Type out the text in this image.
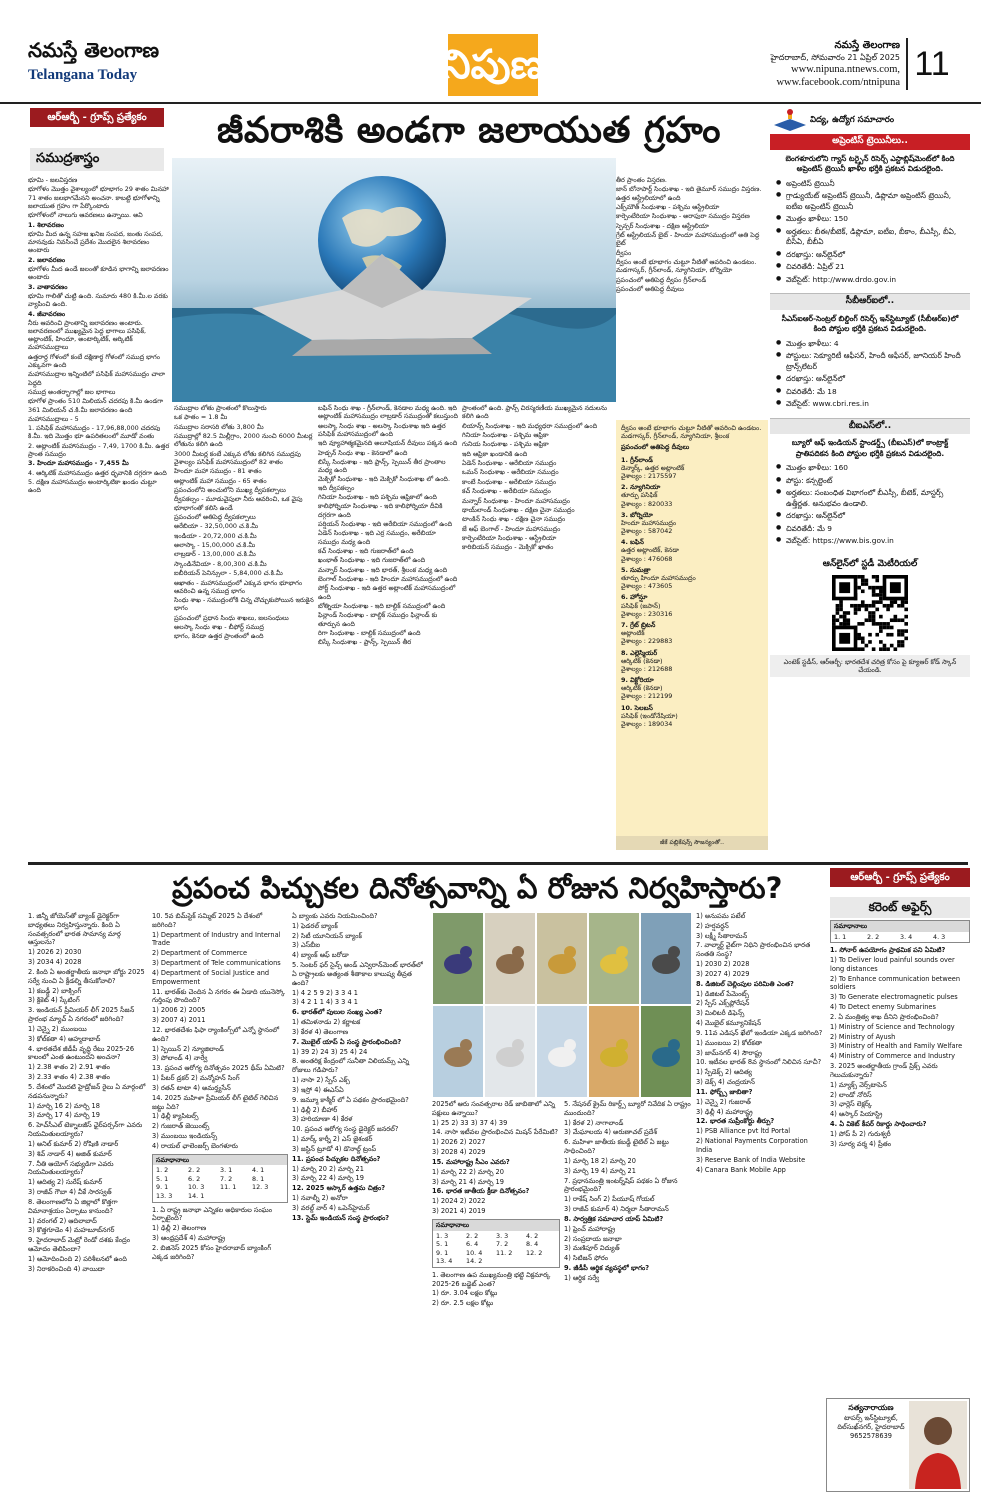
నమస్తే తెలంగాణ
Telangana Today	నిపుణ	నమస్తే తెలంగాణ
హైదరాబాద్, సోమవారం 21 ఏప్రిల్ 2025
www.nipuna.ntnews.com,
www.facebook.com/ntnipuna 11
ఆర్ఆర్బీ - గ్రూప్స్ ప్రత్యేకం
సముద్రశాస్త్రం
జీవరాశికి అండగా జలాయుత గ్రహం

భూమి - జలవిస్తరణ

భూగోళం మొత్తం వైశాల్యంలో భూభాగం 29 శాతం మినహా 71 శాతం జలభాగమేనని అంచనా. కాబట్టి భూగోళాన్ని జలాయుత గ్రహం గా పేర్కొంటారు

భూగోళంలో నాలుగు ఆవరణలు ఉన్నాయి. అవి

1. శిలావరణం

భూమి మీద ఉన్న సహజ ఖనిజ సంపద, జంతు సంపద, మానవుడు నివసించే ప్రదేశం మొదలైన శిలావరణం అంటారు

2. జలావరణం

భూగోళం మీద ఉండే జలంతో కూడిన భాగాన్ని జలావరణం అంటారు

3. వాతావరణం

భూమి గాలితో చుట్టి ఉంది. సుమారు 480 కి.మీ.ల వరకు వ్యాపించి ఉంది.

4. జీవావరణం

నీరు ఆవరించి ప్రాంతాన్ని జలావరణం అంటారు. జలావరణంలో ముఖ్యమైన పెద్ద భాగాలు పసిఫిక్, అట్లాంటిక్, హిందూ, అంటార్కిటిక్, ఆర్కిటిక్ మహాసముద్రాలు

ఉత్తరార్ధ గోళంలో కంటే దక్షిణార్ధ గోళంలో సముద్ర భాగం ఎక్కువగా ఉంది

మహాసముద్రాల ఇన్నింటిలో పసిఫిక్ మహాసముద్రం చాలా పెద్దది

సముద్ర అంతర్భాగాల్లో జల భాగాలు

భూగోళ ప్రాంతం 510 మిలియన్ చదరపు కి.మీ ఉండగా 361 మిలియన్ చ.కి.మీ జలావరణం ఉంది

మహాసముద్రాలు - 5

1. పసిఫిక్ మహాసముద్రం - 17,96,88,000 చదరపు కి.మీ. ఇది మొత్తం భూ ఉపరితలంలో మూడో వంతు

2. అట్లాంటిక్ మహాసముద్రం - 7,49, 1700 కి.మీ. ఉత్తర ప్రాంత సముద్రం

3. హిందూ మహాసముద్రం - 7,455 మీ

4. ఆర్కిటిక్ మహాసముద్రం ఉత్తర ధృవానికి దగ్గరగా ఉంది

5. దక్షిణ మహాసముద్రం అంటార్కిటికా ఖండం చుట్టూ ఉంది

సముద్రాల లోతు ప్రాంతంలో కొలుస్తారు

ఒక ఫాతం = 1.8 మీ

సముద్రాల సరాసరి లోతు 3,800 మీ

సముద్రాల్లో 82.5 మిల్లీగ్రాం, 2000 నుంచి 6000 మీటర్ల లోతును కలిగి ఉంది

3000 మీటర్ల కంటే ఎక్కువ లోతు కలిగిన సముద్రపు వైశాల్యం పసిఫిక్ మహాసముద్రంలో 82 శాతం

హిందూ మహా సముద్రం - 81 శాతం

అట్లాంటిక్ మహా సముద్రం - 65 శాతం

ప్రపంచంలోని అంచులోని ముఖ్య ద్వీపకల్పాలు

ద్వీపకల్పం - మూడువైపులా నీరు ఆవరించి, ఒక వైపు భూభాగంతో కలిసి ఉండే

ప్రపంచంలో అతిపెద్ద ద్వీపకల్పాలు

అరేబియా - 32,50,000 చ.కి.మీ

ఇండియా - 20,72,000 చ.కి.మీ

అలాస్కా - 15,00,000 చ.కి.మీ

లాబ్రడార్ - 13,00,000 చ.కి.మీ

స్కాండినేవియా - 8,00,300 చ.కి.మీ

ఐబీరియన్ పెనిన్సులా - 5,84,000 చ.కి.మీ

అఖాతం - మహాసముద్రంలో ఎక్కువ భాగం భూభాగం ఆవరించి ఉన్న సముద్ర భాగం

సింధు శాఖ - సముద్రంలోకి చిన్న చొచ్చుకుపోయిన ఇరుకైన భాగం

ప్రపంచంలో ప్రధాన సింధు శాఖలు, జలసంధులు

అలస్కా సింధు శాఖ - బీఫోర్ట్ సముద్ర

భాగం, కెనడా ఉత్తర ప్రాంతంలో ఉంది

బఫిన్ సింధు శాఖ - గ్రీన్‌లాండ్, కెనడాల మధ్య ఉంది. ఇది అట్లాంటిక్ మహాసముద్రం లాబ్రడార్ సముద్రంతో కలుస్తుంది

అలస్కా సింధు శాఖ - అలస్కా సింధుశాఖ ఇది ఉత్తర పసిఫిక్ మహాసముద్రంలో ఉంది

ఇది వ్యూహాత్మకమైనది అలూషియన్ దీవులు పక్కన ఉంది

హెడ్సన్ సింధు శాఖ - కెనడాలో ఉంది

బిస్కే సింధుశాఖ - ఇది ఫ్రాన్స్, స్పెయిన్ తీర ప్రాంతాల మధ్య ఉంది

మెక్సికో సింధుశాఖ - ఇది మెక్సికో సింధుశాఖ లో ఉంది. ఇది ద్వీపకల్పం

గినియా సింధుశాఖ - ఇది పశ్చిమ ఆఫ్రికాలో ఉంది

కాలిఫోర్నియా సింధుశాఖ - ఇది కాలిఫోర్నియా దీవికి దగ్గరగా ఉంది

పర్షియన్ సింధుశాఖ - ఇది అరేబియా సముద్రంలో ఉంది

ఏడెన్ సింధుశాఖ - ఇది ఎర్ర సముద్రం, అరేబియా సముద్రం మధ్య ఉంది

కచ్ సింధుశాఖ - ఇది గుజరాత్‌లో ఉంది

ఖంభాత్ సింధుశాఖ - ఇది గుజరాత్‌లో ఉంది

మన్నార్ సింధుశాఖ - ఇది భారత్, శ్రీలంక మధ్య ఉంది

బెంగాల్ సింధుశాఖ - ఇది హిందూ మహాసముద్రంలో ఉంది

పోర్ట్ సింధుశాఖ - ఇది ఉత్తర అట్లాంటిక్ మహాసముద్రంలో ఉంది

బోత్నియా సింధుశాఖ - ఇది బాల్టిక్ సముద్రంలో ఉంది

ఫిన్లాండ్ సింధుశాఖ - బాల్టిక్ సముద్రం ఫిన్లాండ్ కు తూర్పున ఉంది

రిగా సింధుశాఖ - బాల్టిక్ సముద్రంలో ఉంది

బిస్కే సింధుశాఖ - ఫ్రాన్స్, స్పెయిన్ తీర

ప్రాంతంలో ఉంది. ఫ్రాన్స్ చిరస్మరణీయ ముఖ్యమైన నదులను కలిగి ఉంది

లియాన్స్ సింధుశాఖ - ఇది మధ్యధరా సముద్రంలో ఉంది

గినియా సింధుశాఖ - పశ్చిమ ఆఫ్రికా

గునియ సింధుశాఖ - పశ్చిమ ఆఫ్రికా

ఇది ఆఫ్రికా ఖండానికి ఉంది

ఏడెన్ సింధుశాఖ - అరేబియా సముద్రం

ఒమన్ సింధుశాఖ - అరేబియా సముద్రం

కాంబే సింధుశాఖ - అరేబియా సముద్రం

కచ్ సింధుశాఖ - అరేబియా సముద్రం

మన్నార్ సింధుశాఖ - హిందూ మహాసముద్రం

థాయ్‌లాండ్ సింధుశాఖ - దక్షిణ చైనా సముద్రం

టాంకిన్ సింధు శాఖ - దక్షిణ చైనా సముద్రం

జే ఆఫ్ బెంగాల్ - హిందూ మహాసముద్రం

కార్పెంటేరియా సింధుశాఖ - ఆస్ట్రేలియా

కారిబియన్ సముద్రం - మెక్సికో ఖాతం

తీర ప్రాంతం విస్తరణ.

జాన్ బోనాపార్ట్ సింధుశాఖ - ఇది తైమూర్ సముద్రం విస్తరణ. ఉత్తర ఆస్ట్రేలియాలో ఉంది

ఎక్స్‌మౌత్ సింధుశాఖ - పశ్చిమ ఆస్ట్రేలియా

కార్పెంటేరియా సింధుశాఖ - అరాఫురా సముద్రం విస్తరణ

స్పెన్సర్ సింధుశాఖ - దక్షిణ ఆస్ట్రేలియా

గ్రేట్ ఆస్ట్రేలియన్ బైట్ - హిందూ మహాసముద్రంలో అతి పెద్ద బైట్

ద్వీపం

ద్వీపం అంటే భూభాగం చుట్టూ నీటితో ఆవరించి ఉండటం. మడగాస్కర్, గ్రీన్‌లాండ్, న్యూగినియా, బోర్నియో

ప్రపంచంలో అతిపెద్ద ద్వీపం గ్రీన్‌లాండ్

ప్రపంచంలో అతిపెద్ద దీవులు

ద్వీపం అంటే భూభాగం చుట్టూ నీటితో ఆవరించి ఉండటం. మడగాస్కర్, గ్రీన్‌లాండ్, న్యూగినియా, శ్రీలంక

ప్రపంచంలో అతిపెద్ద దీవులు

1. గ్రీన్‌లాండ్
డెన్మార్క్, ఉత్తర అట్లాంటిక్
వైశాల్యం : 2175597
2. న్యూగినియా
తూర్పు పసిఫిక్
వైశాల్యం : 820033
3. బోర్నియో
హిందూ మహాసముద్రం
వైశాల్యం : 587042
4. బఫిన్
ఉత్తర అట్లాంటిక్, కెనడా
వైశాల్యం : 476068
5. సుమత్రా
తూర్పు హిందూ మహాసముద్రం
వైశాల్యం : 473605
6. హోన్షూ
పసిఫిక్ (జపాన్)
వైశాల్యం : 230316
7. గ్రేట్ బ్రిటన్
అట్లాంటిక్
వైశాల్యం : 229883
8. ఎల్లెస్మియర్
ఆర్కిటిక్ (కెనడా)
వైశాల్యం : 212688
9. విక్టోరియా
ఆర్కిటిక్ (కెనడా)
వైశాల్యం : 212199
10. సెలబస్
పసిఫిక్ (ఇండోనేషియా)
వైశాల్యం : 189034
జీకే పబ్లికేషన్స్ సౌజన్యంతో..
విద్య, ఉద్యోగ సమాచారం
అప్రెంటిస్ ట్రెయినీలు..
బెంగళూరులోని గ్యాస్ టర్బైన్ రిసెర్చ్ ఎస్టాబ్లిష్‌మెంట్‌లో కింది అప్రెంటిస్ ట్రెయినీ ఖాళీల భర్తీకి ప్రకటన విడుదలైంది.
● అప్రెంటిస్ ట్రెయినీ
● గ్రాడ్యుయేట్ అప్రెంటిస్ ట్రెయినీ, డిప్లొమా అప్రెంటిస్ ట్రెయినీ, ఐటీఐ అప్రెంటిస్ ట్రెయినీ
● మొత్తం ఖాళీలు: 150
● అర్హతలు: బీఈ/బీటెక్, డిప్లొమా, ఐటీఐ, బీకాం, బీఎస్సీ, బీఏ, బీసీఏ, బీబీఏ
● దరఖాస్తు: ఆన్‌లైన్‌లో
● చివరితేదీ: ఏప్రిల్ 21
● వెబ్‌సైట్: http://www.drdo.gov.in
సీబీఆర్ఐలో..
సీఎస్ఐఆర్-సెంట్రల్ బిల్డింగ్ రిసెర్చ్ ఇన్‌స్టిట్యూట్ (సీబీఆర్ఐ)లో కింది పోస్టుల భర్తీకి ప్రకటన విడుదలైంది.
● మొత్తం ఖాళీలు: 4
● పోస్టులు: సెక్యూరిటీ ఆఫీసర్, హిందీ ఆఫీసర్, జూనియర్ హిందీ ట్రాన్స్‌లేటర్
● దరఖాస్తు: ఆన్‌లైన్‌లో
● చివరితేదీ: మే 18
● వెబ్‌సైట్: www.cbri.res.in
బీఐఎస్‌లో..
బ్యూరో ఆఫ్ ఇండియన్ స్టాండర్డ్స్ (బీఐఎస్)లో కాంట్రాక్ట్ ప్రాతిపదికన కింది పోస్టుల భర్తీకి ప్రకటన విడుదలైంది.
● మొత్తం ఖాళీలు: 160
● పోస్టు: కన్సల్టెంట్
● అర్హతలు: సంబంధిత విభాగంలో బీఎస్సీ, బీటెక్, మాస్టర్స్ ఉత్తీర్ణత. అనుభవం ఉండాలి.
● దరఖాస్తు: ఆన్‌లైన్‌లో
● చివరితేదీ: మే 9
● వెబ్‌సైట్: https://www.bis.gov.in
ఆన్‌లైన్‌లో స్టడీ మెటీరియల్
ఎంటెక్ స్టడీస్, ఆర్ఆర్బీ: భారతదేశ చరిత్ర కోసం పై క్యూఆర్ కోడ్ స్కాన్ చేయండి.
ప్రపంచ పిచ్చుకల దినోత్సవాన్ని ఏ రోజున నిర్వహిస్తారు?	ఆర్ఆర్బీ - గ్రూప్స్ ప్రత్యేకం
కరెంట్ అఫైర్స్

1. జిన్నీ జోయెస్‌తో బ్యాంక్ డైరెక్టర్‌గా బాధ్యతలు నిర్వహిస్తున్నారు. కింది ఏ సంవత్సరంలో భారత సామాన్య మార్గ ఆస్తులను?

1) 2026 2) 2030

3) 2034 4) 2028

2. కింది ఏ అంతర్జాతీయ జనాభా బోర్డు 2025 సర్వే నుంచి ఏ క్రీడల్ని తీసుకోవాలి?

1) కబడ్డీ 2) బాక్సింగ్

3) క్రికెట్ 4) స్కేటింగ్

3. ఇండియన్ ప్రీమియర్ లీగ్ 2025 సీజన్ ప్రారంభ మ్యాచ్ ఏ నగరంలో జరిగింది?

1) చెన్నై 2) ముంబయి

3) కోల్‌కతా 4) అహ్మదాబాద్

4. భారతదేశ జీడీపీ వృద్ధి రేటు 2025-26 కాలంలో ఎంత ఉంటుందని అంచనా?

1) 2.38 శాతం 2) 2.91 శాతం

3) 2.33 శాతం 4) 2.38 శాతం

5. దేశంలో మొదటి హైడ్రోజన్ రైలు ఏ మార్గంలో నడపనున్నారు?

1) మార్చి 16 2) మార్చి 18

3) మార్చి 17 4) మార్చి 19

6. హెచ్‌సీఎల్ టెక్నాలజీస్ ఛైర్‌పర్సన్‌గా ఎవరు నియమితులయ్యారు?

1) అనిల్ కుమార్ 2) రోషిణి నాడార్

3) శివ్ నాడార్ 4) అజిత్ కుమార్

7. నీతి ఆయోగ్ సభ్యుడిగా ఎవరు నియమితులయ్యారు?

1) ఆదిత్య 2) సురేష్ కుమార్

3) రాజీవ్ గౌబా 4) వీకే సారస్వత్

8. తెలంగాణలోని ఏ జిల్లాలో కొత్తగా విమానాశ్రయం ఏర్పాటు కానుంది?

1) వరంగల్ 2) ఆదిలాబాద్

3) కొత్తగూడెం 4) మహబూబ్‌నగర్

9. హైదరాబాద్ మెట్రో రెండో దశకు కేంద్రం ఆమోదం తెలిపిందా?

1) ఆమోదించింది 2) పరిశీలనలో ఉంది

3) నిరాకరించింది 4) వాయిదా

10. 5వ బిమ్‌స్టెక్ సమ్మిట్ 2025 ఏ దేశంలో జరిగింది?

1) Department of Industry and Internal Trade

2) Department of Commerce

3) Department of Tele communications

4) Department of Social Justice and Empowerment

11. భారత్‌కు చెందిన ఏ నగరం ఈ ఏడాది యునెస్కో గుర్తింపు పొందింది?

1) 2006 2) 2005

3) 2007 4) 2011

12. భారతదేశం ఫిఫా ర్యాంకింగ్స్‌లో ఎన్నో స్థానంలో ఉంది?

1) స్పెయిన్ 2) న్యూజిలాండ్

3) పోలాండ్ 4) నార్వే

13. ప్రపంచ ఆరోగ్య దినోత్సవం 2025 థీమ్ ఏమిటి?

1) పీటర్ డ్రకర్ 2) మన్మోహన్ సింగ్

3) రతన్ టాటా 4) అమర్త్యసేన్

14. 2025 మహిళా ప్రీమియర్ లీగ్ టైటిల్ గెలిచిన జట్టు ఏది?

1) ఢిల్లీ క్యాపిటల్స్

2) గుజరాత్ జెయింట్స్

3) ముంబయి ఇండియన్స్

4) రాయల్ ఛాలెంజర్స్ బెంగళూరు

సమాధానాలు
1. 2	2. 2	3. 1	4. 1
5. 1	6. 2	7. 2	8. 1
9. 1	10. 3	11. 1	12. 3
13. 3	14. 1

1. ఏ రాష్ట్ర జనాభా ఎన్నికల అధికారుల సంఘం ఏర్పాటైంది?

1) ఢిల్లీ 2) తెలంగాణ

3) ఆంధ్రప్రదేశ్ 4) మహారాష్ట్ర

2. బిజినెస్ 2025 కోసం హైదరాబాద్ బ్యాంకింగ్ ఎక్కడ జరిగింది?

ఏ బ్యాంకు ఎవరు నియమించింది?

1) ఫెడరల్ బ్యాంక్

2) సిటీ యూనియన్ బ్యాంక్

3) ఎస్‌బీఐ

4) బ్యాంక్ ఆఫ్ బరోడా

5. సెంటర్ ఫర్ సైన్స్ అండ్ ఎన్విరాన్‌మెంట్ భారత్‌లో ఏ రాష్ట్రాలకు అత్యంత శీతాకాల కాలుష్య తీవ్రత ఉంది?

1) 4 2 5 9 2) 3 3 4 1

3) 4 2 1 1 4) 3 3 4 1

6. భారత్‌లో పులుల సంఖ్య ఎంత?

1) తమిళనాడు 2) కర్ణాటక

3) కేరళ 4) తెలంగాణ

7. మొబైల్ యాప్ ఏ సంస్థ ప్రారంభించింది?

1) 39 2) 24 3) 25 4) 24

8. అంతరిక్ష కేంద్రంలో సునీతా విలియమ్స్ ఎన్ని రోజులు గడిపారు?

1) నాసా 2) స్పేస్ ఎక్స్

3) ఇస్రో 4) ఈఎస్ఏ

9. జమ్మూ కాశ్మీర్ లో ఏ పథకం ప్రారంభమైంది?

1) ఢిల్లీ 2) బీహార్

3) హరియాణా 4) కేరళ

10. ప్రపంచ ఆరోగ్య సంస్థ డైరెక్టర్ జనరల్?

1) మార్క్ కార్నీ 2) ఎస్ జైశంకర్

3) జస్టిన్ ట్రూడో 4) డొనాల్డ్ ట్రంప్

11. ప్రపంచ పిచ్చుకల దినోత్సవం?

1) మార్చి 20 2) మార్చి 21

3) మార్చి 22 4) మార్చి 19

12. 2025 ఆస్కార్ ఉత్తమ చిత్రం?

1) నవాల్నీ 2) అనోరా

3) వరల్డ్ వార్ 4) ఒపెన్‌హైమర్

13. స్టెమ్ ఇండియన్ సంస్థ ప్రారంభం?

2025లో ఆరు సంవత్సరాల రెడ్ జాబితాలో ఎన్ని పక్షులు ఉన్నాయి?

1) 25 2) 33 3) 37 4) 39

14. నాసా ఇటీవల ప్రారంభించిన మిషన్ పేరేమిటి?

1) 2026 2) 2027

3) 2028 4) 2029

15. మహారాష్ట్ర సీఎం ఎవరు?

1) మార్చి 22 2) మార్చి 20

3) మార్చి 21 4) మార్చి 19

16. భారత జాతీయ క్రీడా దినోత్సవం?

1) 2024 2) 2022

3) 2021 4) 2019

సమాధానాలు
1. 3	2. 2	3. 3	4. 2
5. 1	6. 4	7. 2	8. 4
9. 1	10. 4	11. 2	12. 2
13. 4	14. 2

1. తెలంగాణ ఉప ముఖ్యమంత్రి భట్టి విక్రమార్క 2025-26 బడ్జెట్ ఎంత?

1) రూ. 3.04 లక్షల కోట్లు

2) రూ. 2.5 లక్షల కోట్లు

5. నేషనల్ క్రైమ్ రికార్డ్స్ బ్యూరో నివేదిక ఏ రాష్ట్రం ముందుంది?

1) కేరళ 2) నాగాలాండ్

3) మేఘాలయ 4) అరుణాచల్ ప్రదేశ్

6. మహిళా జాతీయ కబడ్డీ టైటిల్ ఏ జట్టు సాధించింది?

1) మార్చి 18 2) మార్చి 20

3) మార్చి 19 4) మార్చి 21

7. ప్రధానమంత్రి ఇంటర్న్‌షిప్ పథకం ఏ రోజున ప్రారంభమైంది?

1) రాకేష్ సింగ్ 2) పీయూష్ గోయల్

3) రాజీవ్ కుమార్ 4) నిర్మలా సీతారామన్

8. సార్వత్రిక సమాచార యాప్ ఏమిటి?

1) ఫ్రెంచ్ మహారాష్ట్ర

2) సంప్రదాయ జనాభా

3) మణిపూర్ విద్యుత్

4) సిటిజన్ ఫోరం

9. జీడీపీ ఆర్థిక వ్యవస్థలో భాగం?

1) ఆర్థిక సర్వే

1) అనుపమ పటేల్

2) హర్షవర్ధన్

3) లక్ష్మీ సీతారామన్

7. వాల్మార్ట్ వైట్‌గా నిధిని ప్రారంభించిన భారత సంతతి సంస్థ?

1) 2030 2) 2028

3) 2027 4) 2029

8. డిజిటల్ చెల్లింపుల పరిమితి ఎంత?

1) డిజిటల్ పేమెంట్స్

2) స్పేస్ ఎక్స్‌ప్లోరేషన్

3) మిలిటరీ డిఫెన్స్

4) మొబైల్ కమ్యూనికేషన్

9. 11వ ఎడిషన్ ఖేలో ఇండియా ఎక్కడ జరిగింది?

1) ముంబయి 2) కోల్‌కతా

3) జామ్‌నగర్ 4) సౌరాష్ట్ర

10. ఇటీవల భారత్ 8వ స్థానంలో నిలిచిన సూచీ?

1) స్పేడెక్స్ 2) ఆదిత్య

3) డెక్స్ 4) చంద్రయాన్

11. ఫోర్బ్స్ జాబితా?

1) చెన్నై 2) గుజరాత్

3) ఢిల్లీ 4) మహారాష్ట్ర

12. భారత సుప్రీంకోర్టు తీర్పు?

1) PSB Alliance pvt ltd Portal

2) National Payments Corporation India

3) Reserve Bank of India Website

4) Canara Bank Mobile App

సమాధానాలు
1. 1	2. 2	3. 4	4. 3

1. సోనార్ ఉపయోగం ప్రాథమిక పని ఏమిటి?

1) To Deliver loud painful sounds over long distances

2) To Enhance communication between soldiers

3) To Generate electromagnetic pulses

4) To Detect enemy Submarines

2. ఏ మంత్రిత్వ శాఖ దీనిని ప్రారంభించింది?

1) Ministry of Science and Technology

2) Ministry of Ayush

3) Ministry of Health and Family Welfare

4) Ministry of Commerce and Industry

3. 2025 అంతర్జాతీయ గ్రాండ్ ప్రిక్స్ ఎవరు గెలుచుకున్నారు?

1) మ్యాక్స్ వెర్స్‌టాపెన్

2) లాండో నోరిస్

3) ఛార్లెస్ లెక్లర్క్

4) ఆస్కార్ పియాస్ట్రి

4. ఏ వికెట్ కీపర్ రికార్డు సాధించారు?

1) పోప్ పీ 2) గురుశ్వరీ

3) సూర్య వర్మ 4) ప్రీతం

సత్యనారాయణ
టాపర్స్ ఇన్‌స్టిట్యూట్, దిల్‌సుఖ్‌నగర్, హైదరాబాద్
9652578639
